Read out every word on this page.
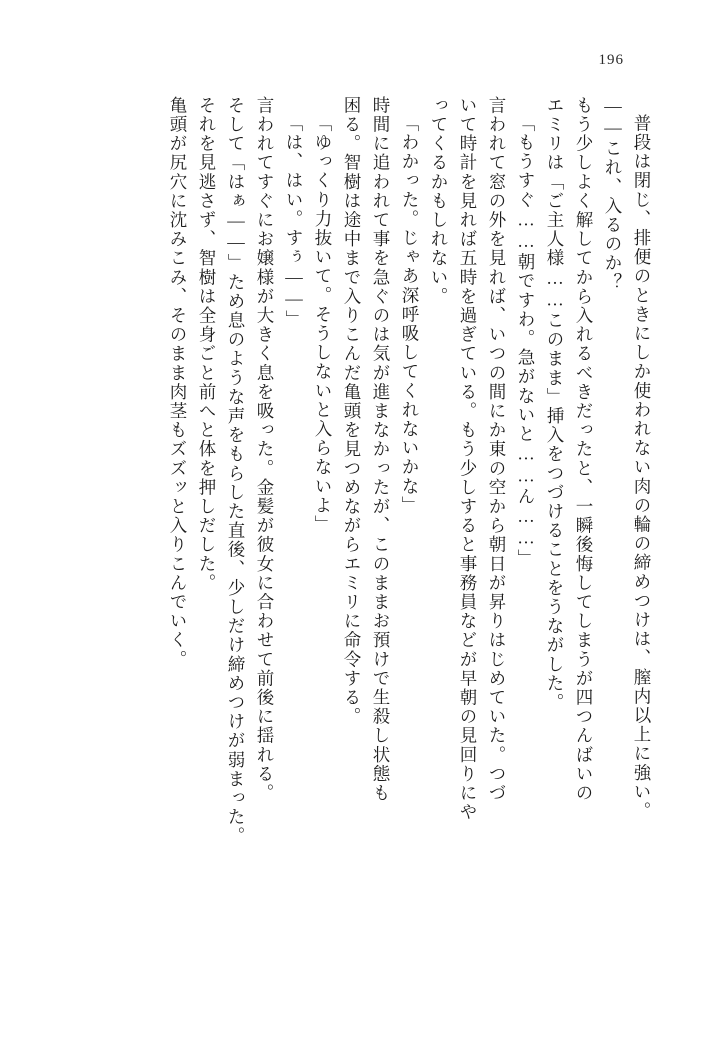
196
普段は閉じ、排便のときにしか使われない肉の輪の締めつけは、膣内以上に強い。
——これ、入るのか？
もう少しよく解してから入れるべきだったと、一瞬後悔してしまうが四つんばいの
エミリは「ご主人様……このまま」挿入をつづけることをうながした。
「もうすぐ……朝ですわ。急がないと……ん……」
言われて窓の外を見れば、いつの間にか東の空から朝日が昇りはじめていた。つづ
いて時計を見れば五時を過ぎている。もう少しすると事務員などが早朝の見回りにや
ってくるかもしれない。
「わかった。じゃあ深呼吸してくれないかな」
時間に追われて事を急ぐのは気が進まなかったが、このままお預けで生殺し状態も
困る。智樹は途中まで入りこんだ亀頭を見つめながらエミリに命令する。
「ゆっくり力抜いて。そうしないと入らないよ」
「は、はい。すぅ——」
言われてすぐにお嬢様が大きく息を吸った。金髪が彼女に合わせて前後に揺れる。
そして「はぁ——」ため息のような声をもらした直後、少しだけ締めつけが弱まった。
それを見逃さず、智樹は全身ごと前へと体を押しだした。
亀頭が尻穴に沈みこみ、そのまま肉茎もズズッと入りこんでいく。
